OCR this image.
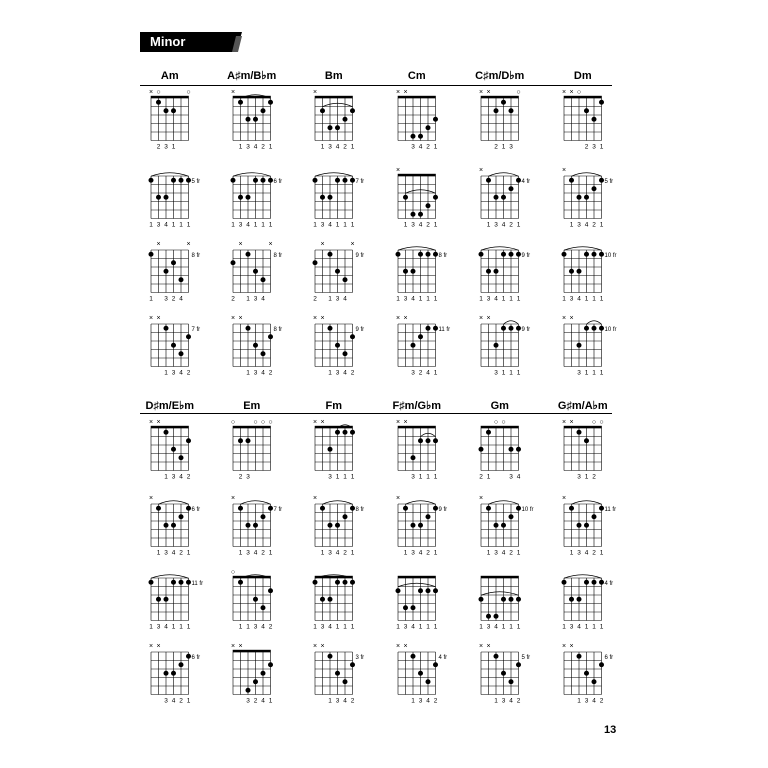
Minor
Am
× ○	○
231
5 fr
134111
×	×
8 fr
1 324
× ×
7 fr
1342
A♯m/B♭m
×
13421
6 fr
134111
×	×
8 fr
2 134
× ×
8 fr
1342
Bm
×
13421
7 fr
134111
×	×
9 fr
2 134
× ×
9 fr
1342
Cm
× ×
3421
×
13421
8 fr
134111
× ×
11 fr
3241
C♯m/D♭m
× ×	○
213
×
4 fr
13421
9 fr
134111
× ×
9 fr
3111
Dm
× × ○
231
×
5 fr
13421
10 fr
134111
× ×
10 fr
3111
D♯m/E♭m
× ×
1342
×
6 fr
13421
11 fr
134111
× ×
6 fr
3421
Em
○	○ ○ ○
23
×
7 fr
13421
○
11342
× ×
3241
Fm
× ×
3111
×
8 fr
13421
134111
× ×
3 fr
1342
F♯m/G♭m
× ×
3111
×
9 fr
13421
134111
× ×
4 fr
1342
Gm
○ ○
21  34
×
10 fr
13421
134111
× ×
5 fr
1342
G♯m/A♭m
× ×	○ ○
312
×
11 fr
13421
4 fr
134111
× ×
6 fr
1342
13
